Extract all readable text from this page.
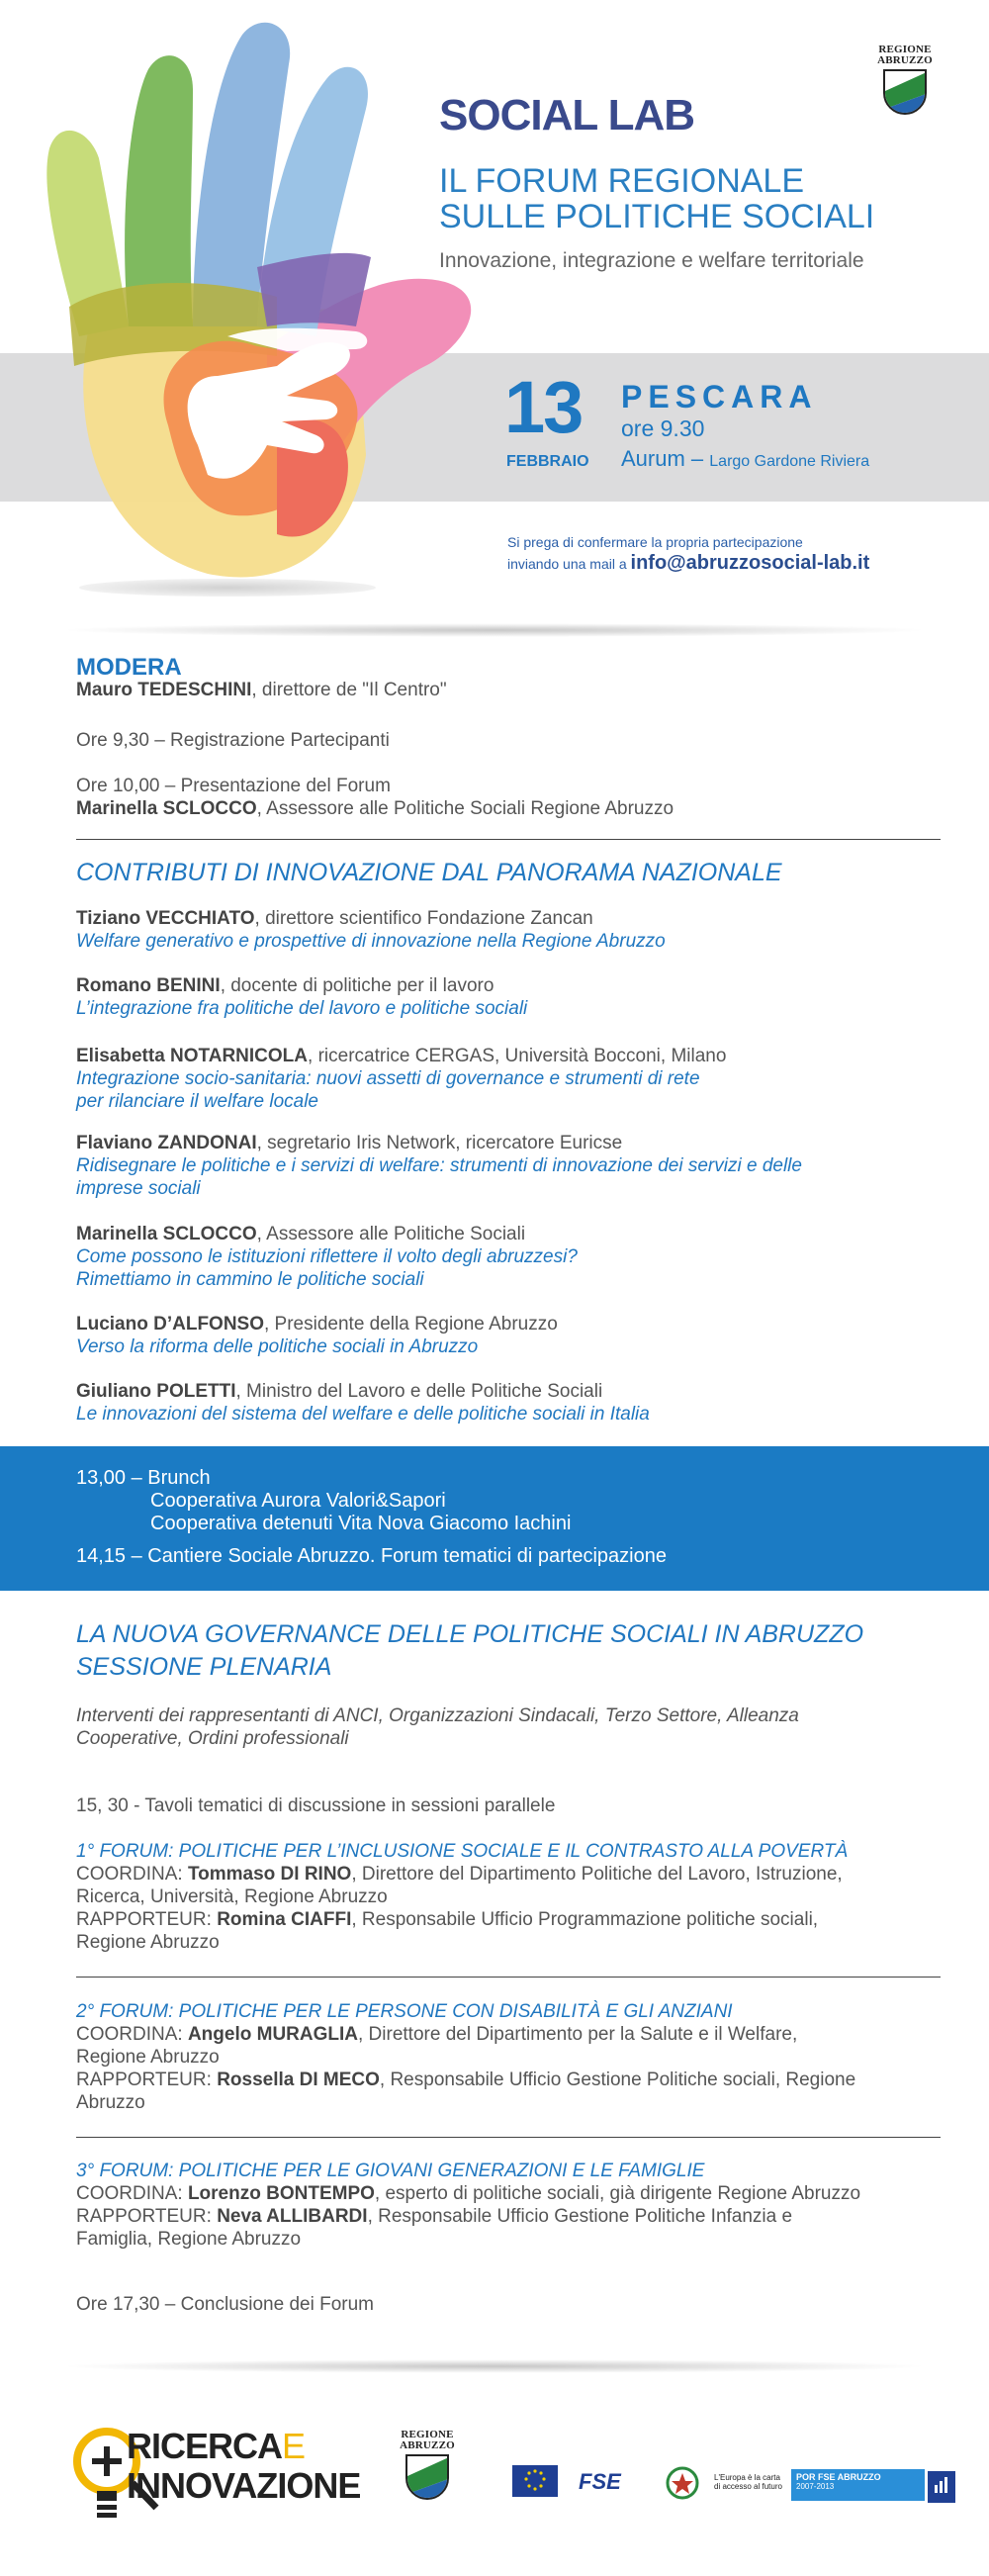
REGIONE
ABRUZZO
SOCIAL LAB
IL FORUM REGIONALE
SULLE POLITICHE SOCIALI
Innovazione, integrazione e welfare territoriale
13
FEBBRAIO
PESCARA
ore 9.30
Aurum – Largo Gardone Riviera
Si prega di confermare la propria partecipazione
inviando una mail a info@abruzzosocial-lab.it
MODERA
Mauro TEDESCHINI, direttore de "Il Centro"
Ore 9,30 – Registrazione Partecipanti
Ore 10,00 – Presentazione del Forum
Marinella SCLOCCO, Assessore alle Politiche Sociali Regione Abruzzo
CONTRIBUTI DI INNOVAZIONE DAL PANORAMA NAZIONALE
Tiziano VECCHIATO, direttore scientifico Fondazione Zancan
Welfare generativo e prospettive di innovazione nella Regione Abruzzo
Romano BENINI, docente di politiche per il lavoro
L’integrazione fra politiche del lavoro e politiche sociali
Elisabetta NOTARNICOLA, ricercatrice CERGAS, Università Bocconi, Milano
Integrazione socio-sanitaria: nuovi assetti di governance e strumenti di rete
per rilanciare il welfare locale
Flaviano ZANDONAI, segretario Iris Network, ricercatore Euricse
Ridisegnare le politiche e i servizi di welfare: strumenti di innovazione dei servizi e delle
imprese sociali
Marinella SCLOCCO, Assessore alle Politiche Sociali
Come possono le istituzioni riflettere il volto degli abruzzesi?
Rimettiamo in cammino le politiche sociali
Luciano D’ALFONSO, Presidente della Regione Abruzzo
Verso la riforma delle politiche sociali in Abruzzo
Giuliano POLETTI, Ministro del Lavoro e delle Politiche Sociali
Le innovazioni del sistema del welfare e delle politiche sociali in Italia
13,00 – Brunch
Cooperativa Aurora Valori&Sapori
Cooperativa detenuti Vita Nova Giacomo Iachini
14,15 – Cantiere Sociale Abruzzo. Forum tematici di partecipazione
LA NUOVA GOVERNANCE DELLE POLITICHE SOCIALI IN ABRUZZO
SESSIONE PLENARIA
Interventi dei rappresentanti di ANCI, Organizzazioni Sindacali, Terzo Settore, Alleanza
Cooperative, Ordini professionali
15, 30 - Tavoli tematici di discussione in sessioni parallele
1° FORUM: POLITICHE PER L’INCLUSIONE SOCIALE E IL CONTRASTO ALLA POVERTÀ
COORDINA: Tommaso DI RINO, Direttore del Dipartimento Politiche del Lavoro, Istruzione,
Ricerca, Università, Regione Abruzzo
RAPPORTEUR: Romina CIAFFI, Responsabile Ufficio Programmazione politiche sociali,
Regione Abruzzo
2° FORUM: POLITICHE PER LE PERSONE CON DISABILITÀ E GLI ANZIANI
COORDINA: Angelo MURAGLIA, Direttore del Dipartimento per la Salute e il Welfare,
Regione Abruzzo
RAPPORTEUR: Rossella DI MECO, Responsabile Ufficio Gestione Politiche sociali, Regione
Abruzzo
3° FORUM: POLITICHE PER LE GIOVANI GENERAZIONI E LE FAMIGLIE
COORDINA: Lorenzo BONTEMPO, esperto di politiche sociali, già dirigente Regione Abruzzo
RAPPORTEUR: Neva ALLIBARDI, Responsabile Ufficio Gestione Politiche Infanzia e
Famiglia, Regione Abruzzo
Ore 17,30 – Conclusione dei Forum
RICERCAE
INNOVAZIONE
REGIONE
ABRUZZO
FSE	L'Europa è la carta
di accesso al futuro
POR FSE ABRUZZO
2007-2013
